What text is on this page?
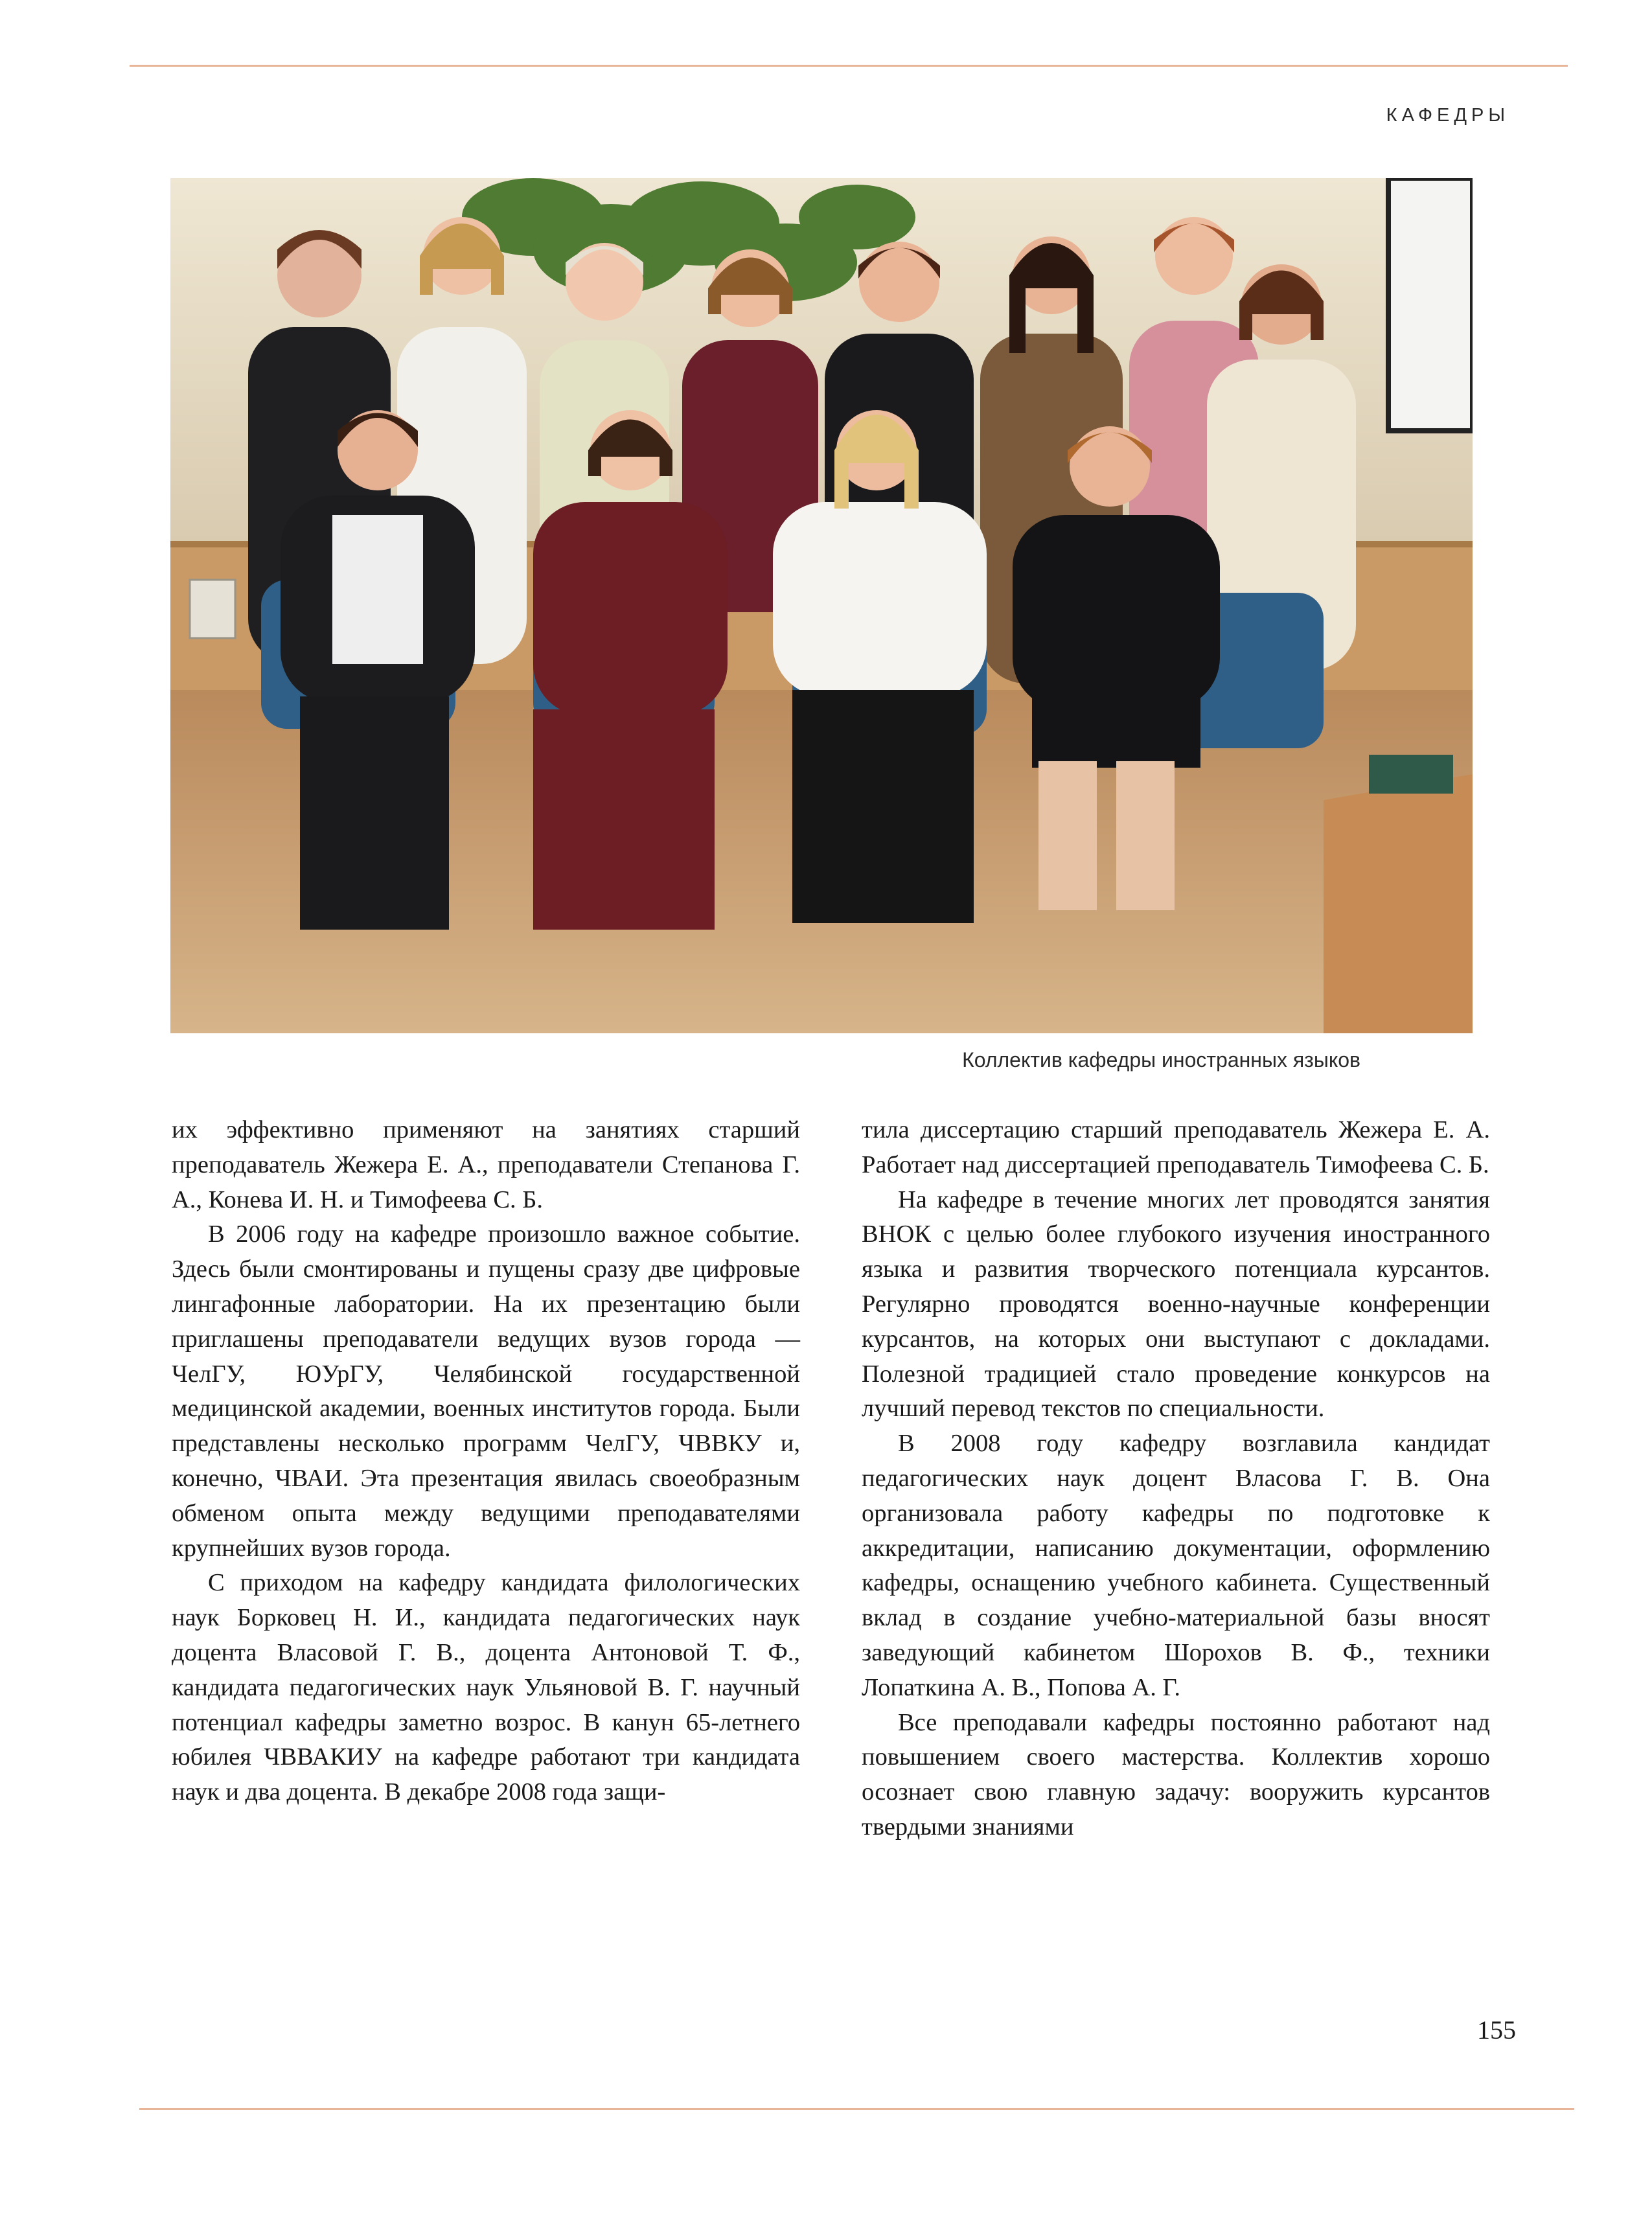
КАФЕДРЫ
Коллектив кафедры иностранных языков

их эффективно применяют на занятиях старший преподаватель Жежера Е. А., преподаватели Степанова Г. А., Конева И. Н. и Тимофеева С. Б.

В 2006 году на кафедре произошло важное событие. Здесь были смонтированы и пущены сразу две цифровые лингафонные лаборатории. На их презентацию были приглашены преподаватели ведущих вузов города — ЧелГУ, ЮУрГУ, Челябинской государственной медицинской академии, военных институтов города. Были представлены несколько программ ЧелГУ, ЧВВКУ и, конечно, ЧВАИ. Эта презентация явилась своеобразным обменом опыта между ведущими преподавателями крупнейших вузов города.

С приходом на кафедру кандидата филологических наук Борковец Н. И., кандидата педагогических наук доцента Власовой Г. В., доцента Антоновой Т. Ф., кандидата педагогических наук Ульяновой В. Г. научный потенциал кафедры заметно возрос. В канун 65-летнего юбилея ЧВВАКИУ на кафедре работают три кандидата наук и два доцента. В декабре 2008 года защи-

тила диссертацию старший преподаватель Жежера Е. А. Работает над диссертацией преподаватель Тимофеева С. Б.

На кафедре в течение многих лет проводятся занятия ВНОК с целью более глубокого изучения иностранного языка и развития творческого потенциала курсантов. Регулярно проводятся военно-научные конференции курсантов, на которых они выступают с докладами. Полезной традицией стало проведение конкурсов на лучший перевод текстов по специальности.

В 2008 году кафедру возглавила кандидат педагогических наук доцент Власова Г. В. Она организовала работу кафедры по подготовке к аккредитации, написанию документации, оформлению кафедры, оснащению учебного кабинета. Существенный вклад в создание учебно-материальной базы вносят заведующий кабинетом Шорохов В. Ф., техники Лопаткина А. В., Попова А. Г.

Все преподавали кафедры постоянно работают над повышением своего мастерства. Коллектив хорошо осознает свою главную задачу: вооружить курсантов твердыми знаниями

155
